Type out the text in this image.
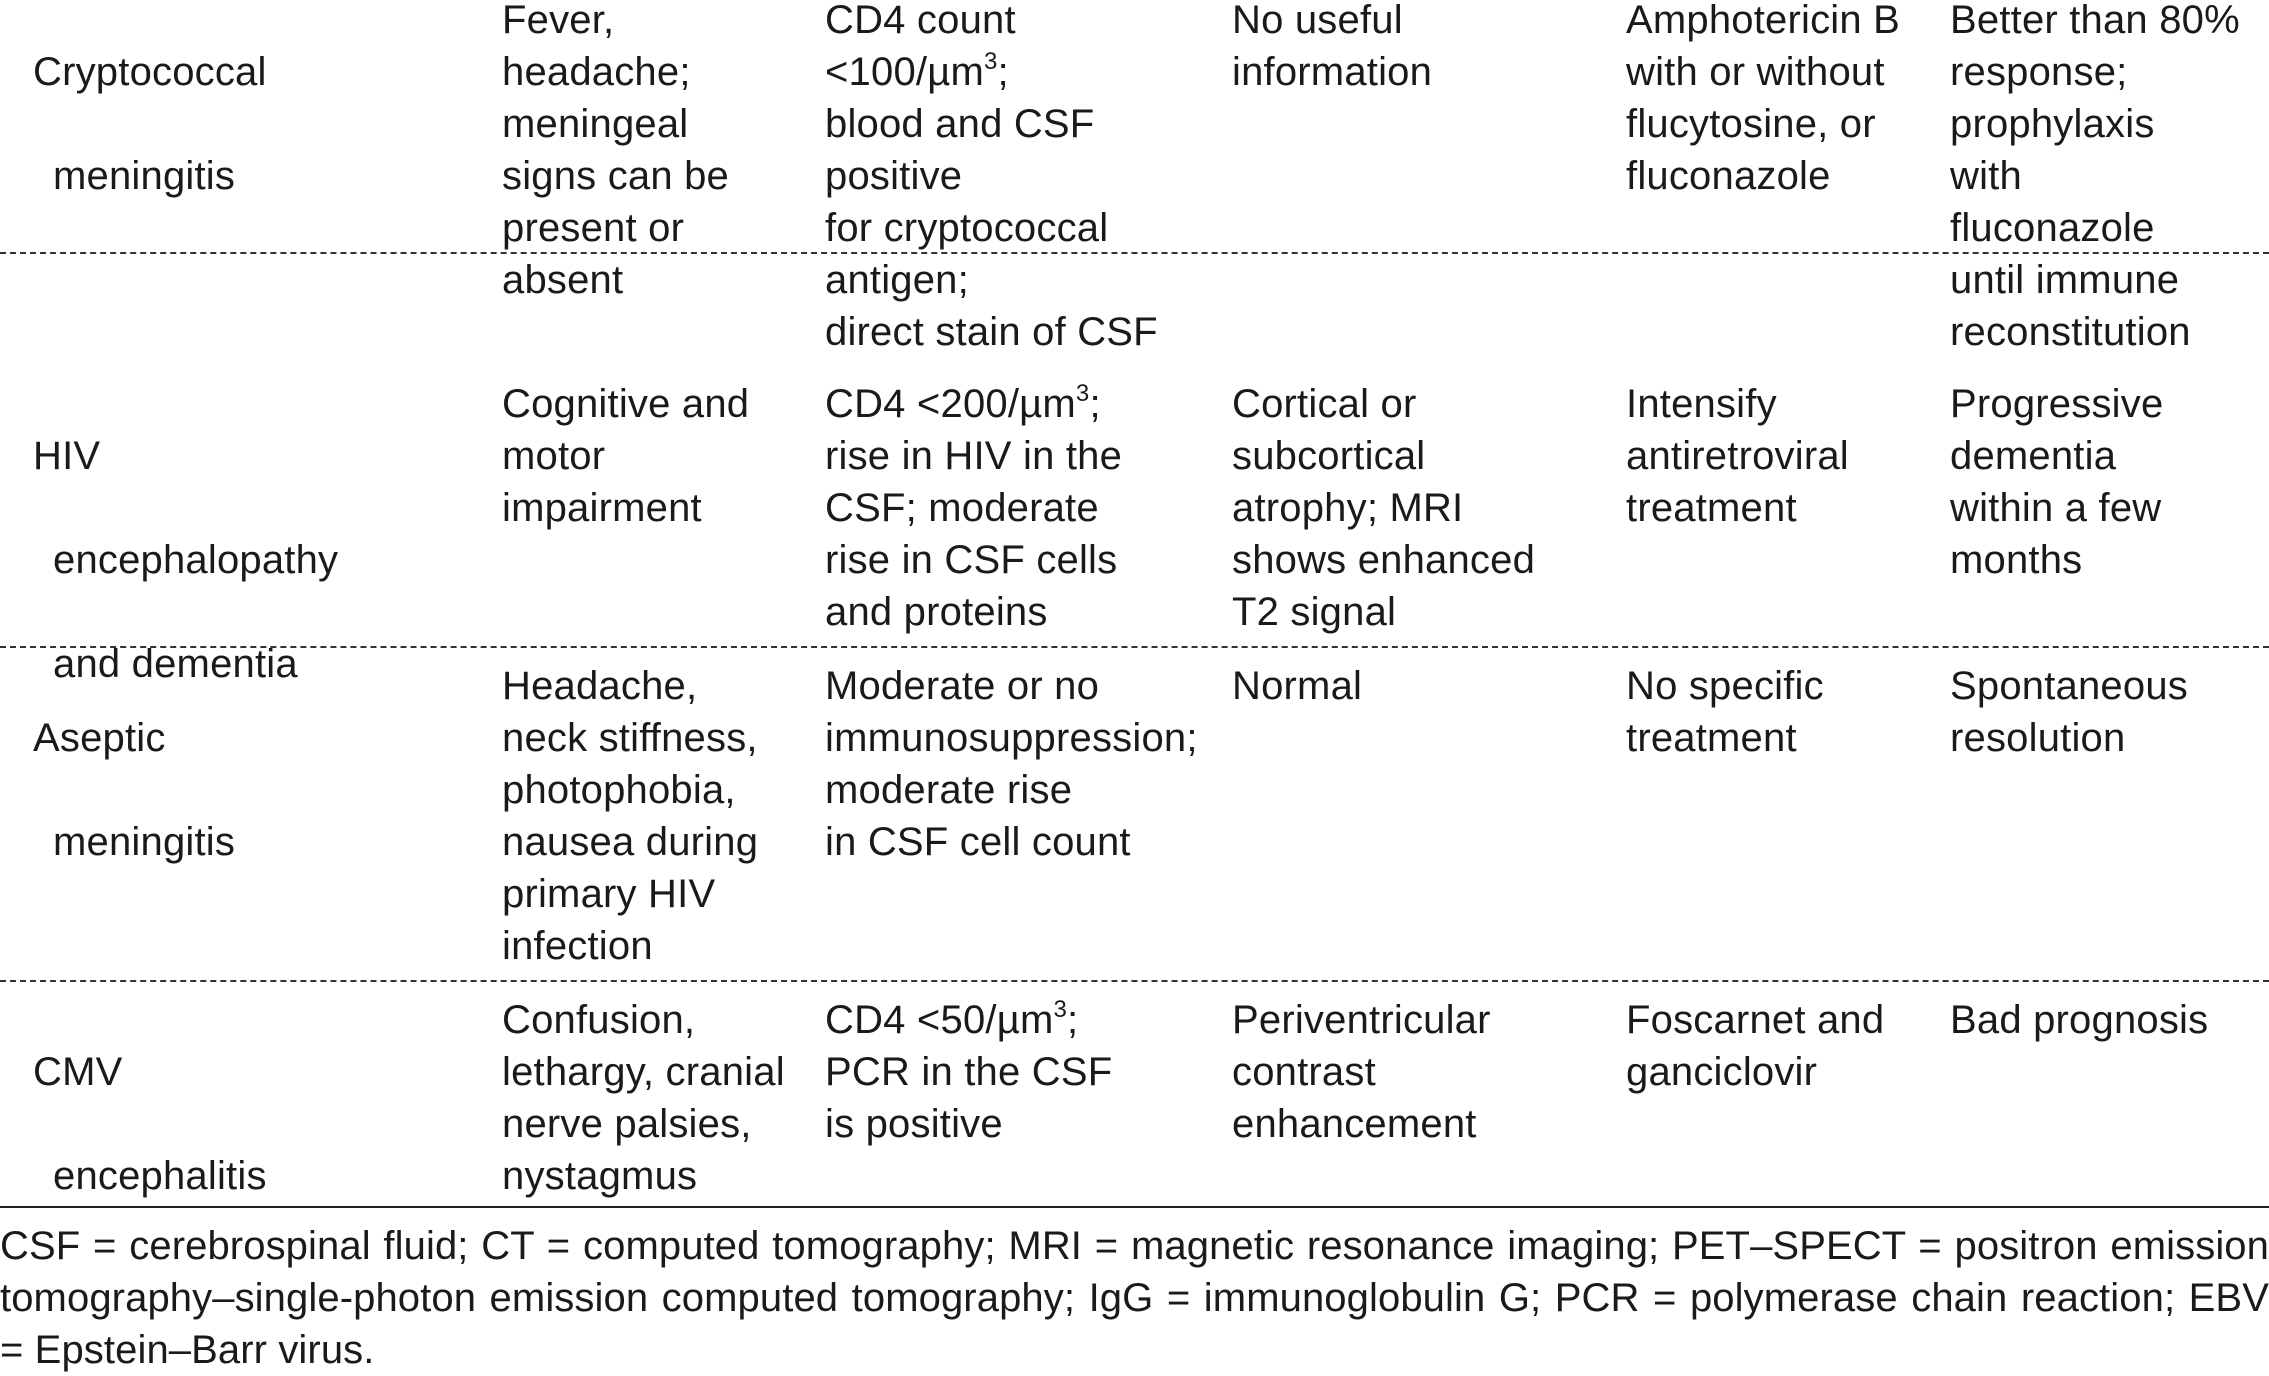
Cryptococcal

meningitis

Fever,
headache;
meningeal
signs can be
present or
absent
CD4 count
<100/µm$^3$;
blood and CSF
positive
for cryptococcal
antigen;
direct stain of CSF
No useful
information
Amphotericin B
with or without
flucytosine, or
fluconazole
Better than 80%
response;
prophylaxis
with
fluconazole
until immune
reconstitution

HIV

encephalopathy

and dementia

Cognitive and
motor
impairment
CD4 <200/µm$^3$;
rise in HIV in the
CSF; moderate
rise in CSF cells
and proteins
Cortical or
subcortical
atrophy; MRI
shows enhanced
T2 signal
Intensify
antiretroviral
treatment
Progressive
dementia
within a few
months

Aseptic

meningitis

Headache,
neck stiffness,
photophobia,
nausea during
primary HIV
infection
Moderate or no
immunosuppression;
moderate rise
in CSF cell count
Normal	No specific
treatment
Spontaneous
resolution

CMV

encephalitis

Confusion,
lethargy, cranial
nerve palsies,
nystagmus
CD4 <50/µm$^3$;
PCR in the CSF
is positive
Periventricular
contrast
enhancement
Foscarnet and
ganciclovir
Bad prognosis
CSF = cerebrospinal fluid; CT = computed tomography; MRI = magnetic resonance imaging; PET–SPECT = positron emission tomography–single-photon emission computed tomography; IgG = immunoglobulin G; PCR = polymerase chain reaction; EBV = Epstein–Barr virus.
